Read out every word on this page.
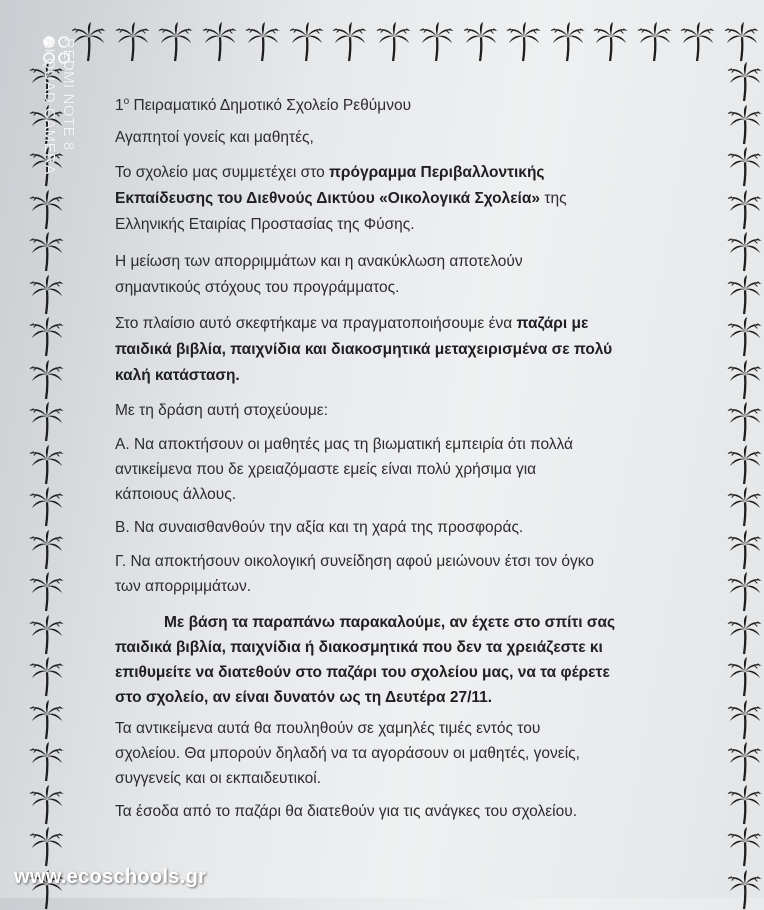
REDMI NOTE 8
AI QUAD CAMERA	$1^o$ Πειραματικό Δημοτικό Σχολείο Ρεθύμνου
Αγαπητοί γονείς και μαθητές,
Το σχολείο μας συμμετέχει στο πρόγραμμα Περιβαλλοντικής
Εκπαίδευσης του Διεθνούς Δικτύου «Οικολογικά Σχολεία» της
Ελληνικής Εταιρίας Προστασίας της Φύσης.
Η μείωση των απορριμμάτων και η ανακύκλωση αποτελούν
σημαντικούς στόχους του προγράμματος.
Στο πλαίσιο αυτό σκεφτήκαμε να πραγματοποιήσουμε ένα παζάρι με
παιδικά βιβλία, παιχνίδια και διακοσμητικά μεταχειρισμένα σε πολύ
καλή κατάσταση.
Με τη δράση αυτή στοχεύουμε:
Α. Να αποκτήσουν οι μαθητές μας τη βιωματική εμπειρία ότι πολλά
αντικείμενα που δε χρειαζόμαστε εμείς είναι πολύ χρήσιμα για
κάποιους άλλους.
Β. Να συναισθανθούν την αξία και τη χαρά της προσφοράς.
Γ. Να αποκτήσουν οικολογική συνείδηση αφού μειώνουν έτσι τον όγκο
των απορριμμάτων.
Με βάση τα παραπάνω παρακαλούμε, αν έχετε στο σπίτι σας
παιδικά βιβλία, παιχνίδια ή διακοσμητικά που δεν τα χρειάζεστε κι
επιθυμείτε να διατεθούν στο παζάρι του σχολείου μας, να τα φέρετε
στο σχολείο, αν είναι δυνατόν ως τη Δευτέρα 27/11.
Τα αντικείμενα αυτά θα πουληθούν σε χαμηλές τιμές εντός του
σχολείου. Θα μπορούν δηλαδή να τα αγοράσουν οι μαθητές, γονείς,
συγγενείς και οι εκπαιδευτικοί.
Τα έσοδα από το παζάρι θα διατεθούν για τις ανάγκες του σχολείου.
www.ecoschools.gr
